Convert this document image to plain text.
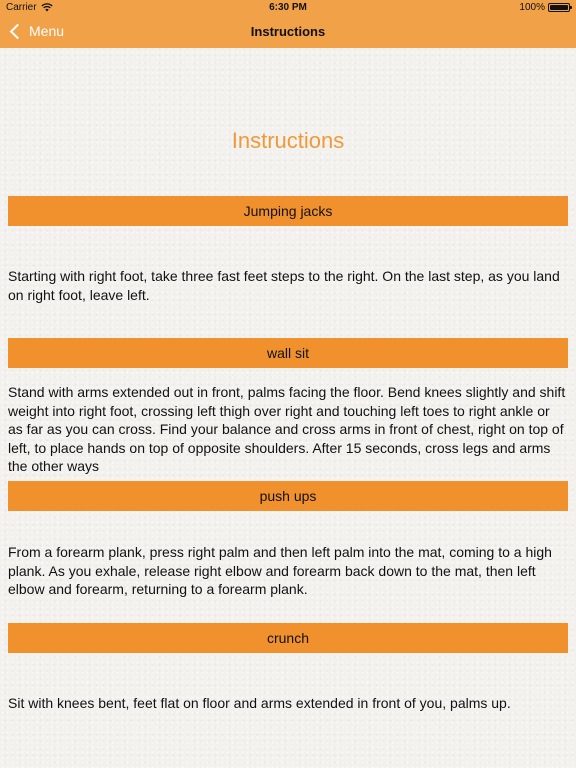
Carrier	6:30 PM	100%
Menu	Instructions
Instructions
Jumping jacks
Starting with right foot, take three fast feet steps to the right. On the last step, as you land on right foot, leave left.
wall sit
Stand with arms extended out in front, palms facing the floor. Bend knees slightly and shift weight into right foot, crossing left thigh over right and touching left toes to right ankle or as far as you can cross. Find your balance and cross arms in front of chest, right on top of left, to place hands on top of opposite shoulders. After 15 seconds, cross legs and arms the other ways
push ups
From a forearm plank, press right palm and then left palm into the mat, coming to a high plank. As you exhale, release right elbow and forearm back down to the mat, then left elbow and forearm, returning to a forearm plank.
crunch
Sit with knees bent, feet flat on floor and arms extended in front of you, palms up.
